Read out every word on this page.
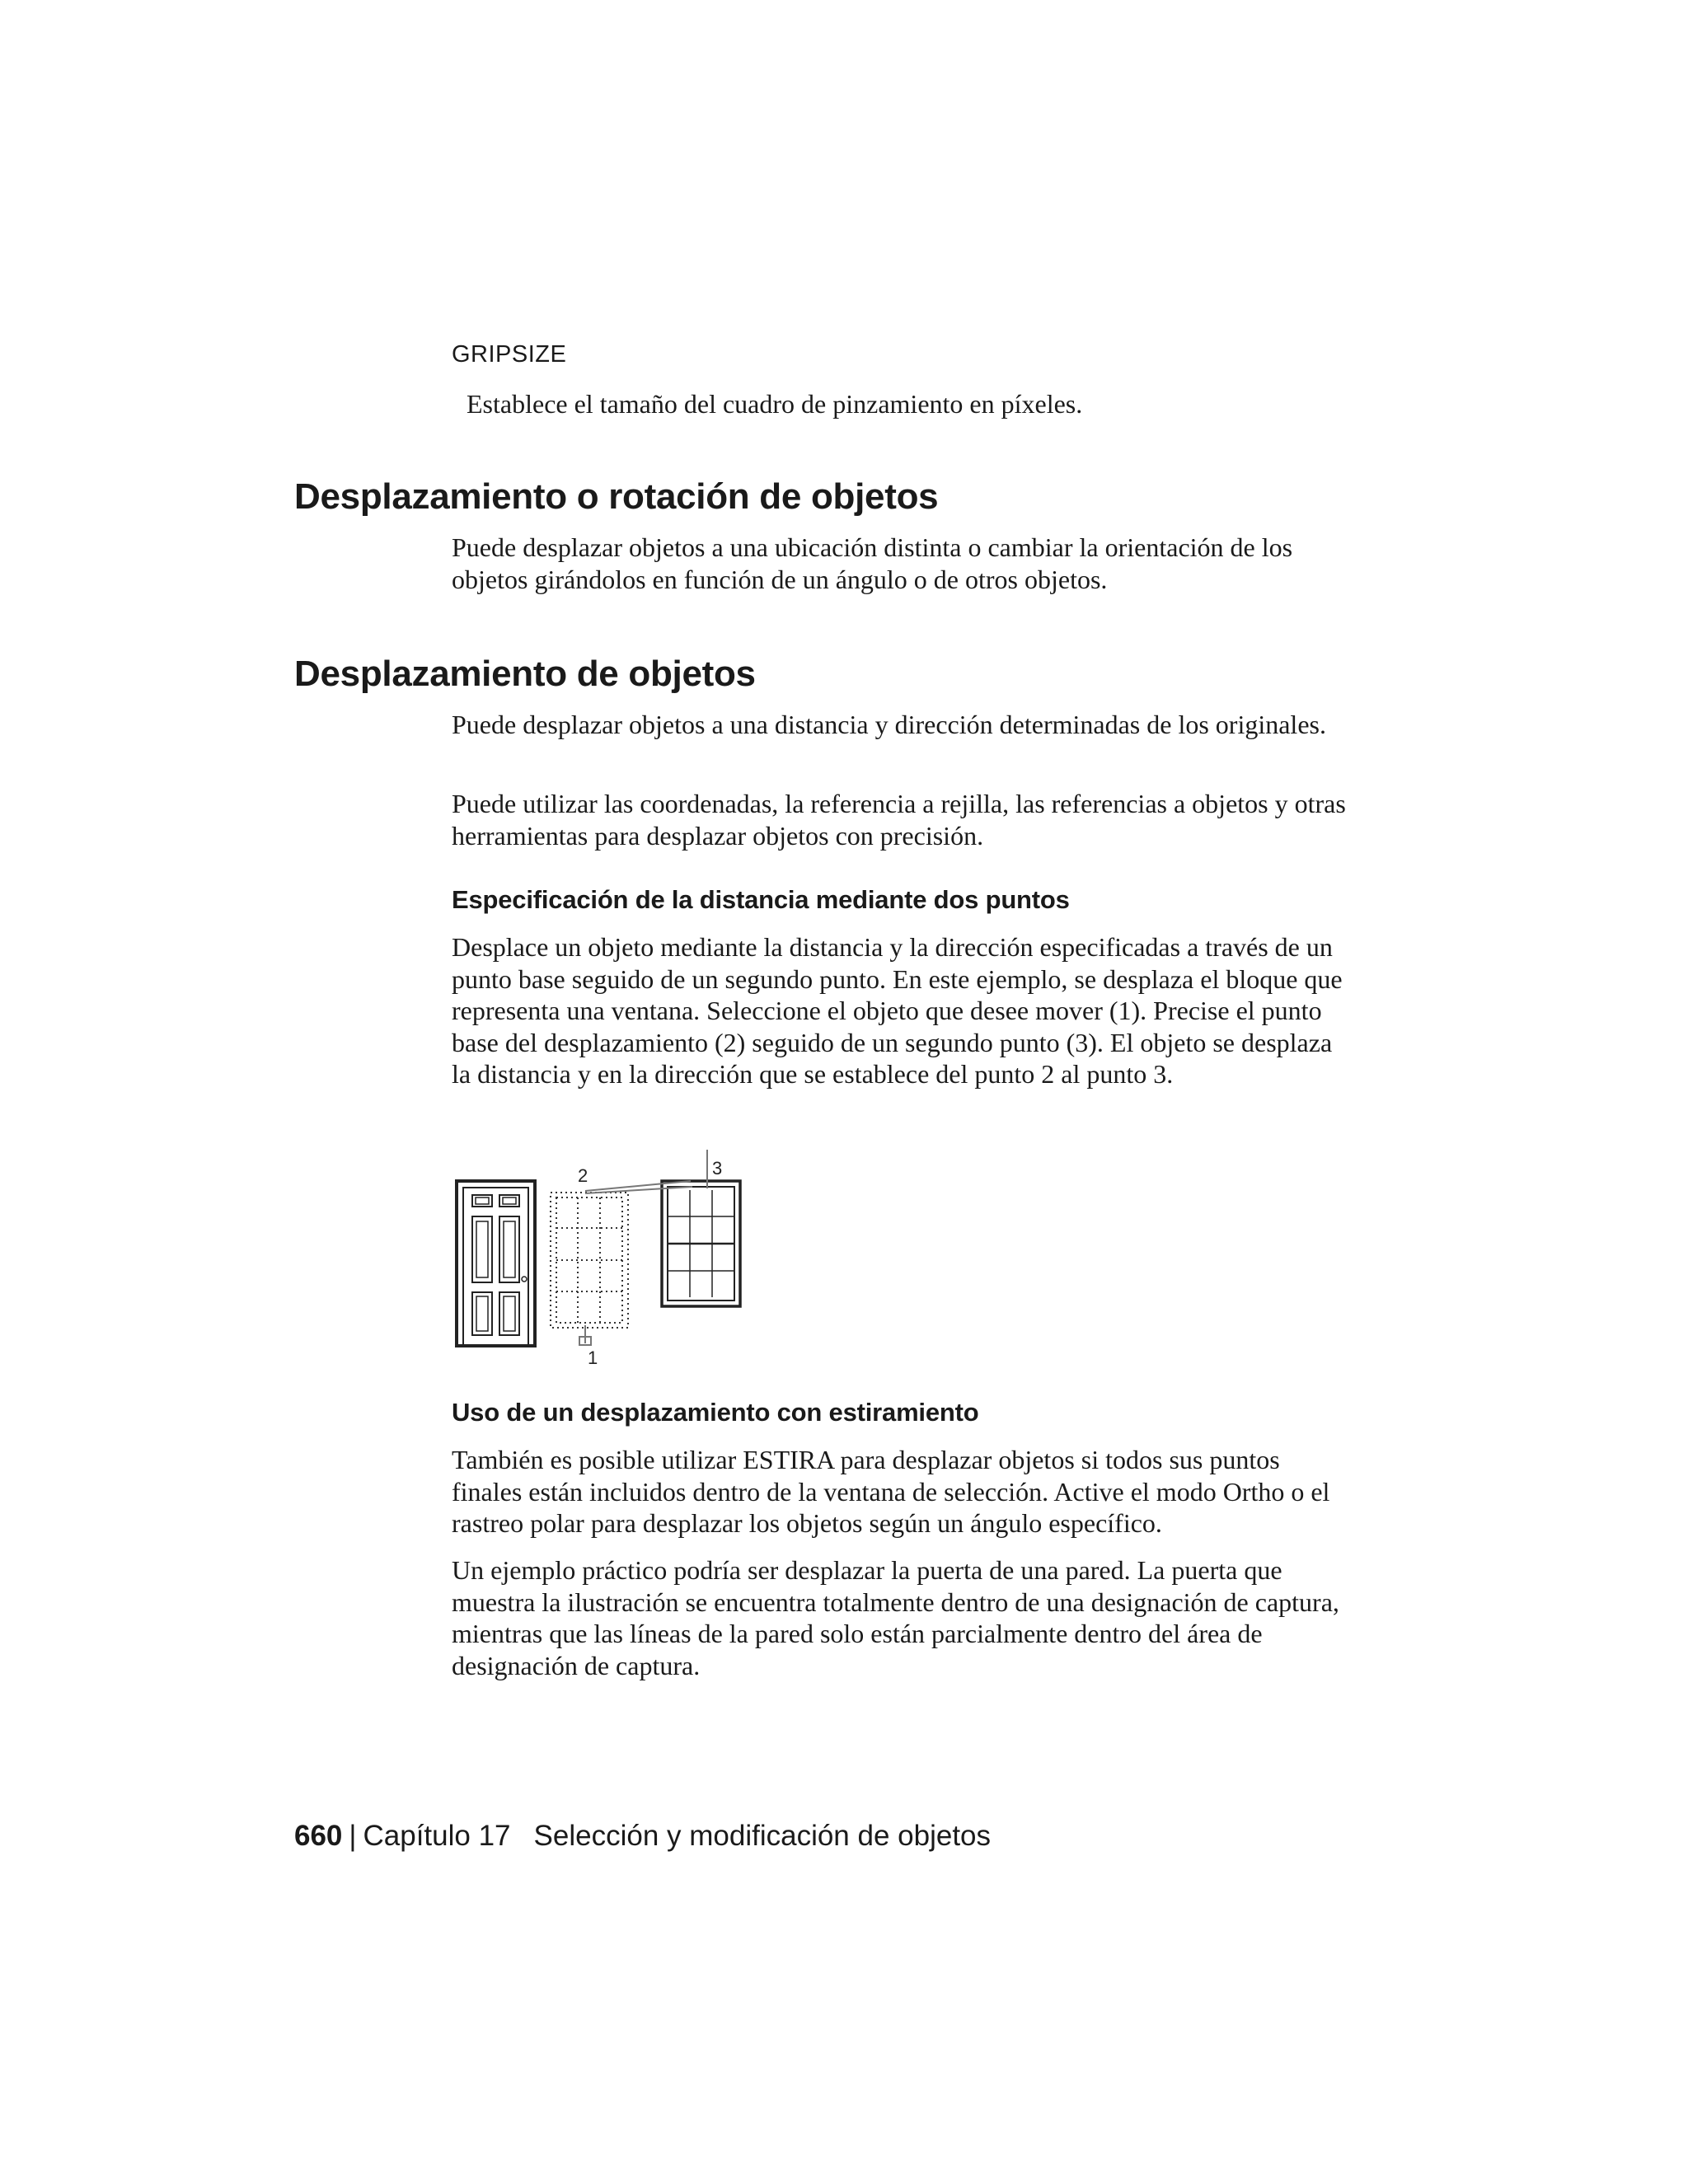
GRIPSIZE

Establece el tamaño del cuadro de pinzamiento en píxeles.

Desplazamiento o rotación de objetos

Puede desplazar objetos a una ubicación distinta o cambiar la orientación de los objetos girándolos en función de un ángulo o de otros objetos.

Desplazamiento de objetos

Puede desplazar objetos a una distancia y dirección determinadas de los originales.

Puede utilizar las coordenadas, la referencia a rejilla, las referencias a objetos y otras herramientas para desplazar objetos con precisión.

Especificación de la distancia mediante dos puntos

Desplace un objeto mediante la distancia y la dirección especificadas a través de un punto base seguido de un segundo punto. En este ejemplo, se desplaza el bloque que representa una ventana. Seleccione el objeto que desee mover (1). Precise el punto base del desplazamiento (2) seguido de un segundo punto (3). El objeto se desplaza la distancia y en la dirección que se establece del punto 2 al punto 3.

3
2
1
Uso de un desplazamiento con estiramiento

También es posible utilizar ESTIRA para desplazar objetos si todos sus puntos finales están incluidos dentro de la ventana de selección. Active el modo Ortho o el rastreo polar para desplazar los objetos según un ángulo específico.

Un ejemplo práctico podría ser desplazar la puerta de una pared. La puerta que muestra la ilustración se encuentra totalmente dentro de una designación de captura, mientras que las líneas de la pared solo están parcialmente dentro del área de designación de captura.

660 | Capítulo 17 Selección y modificación de objetos
